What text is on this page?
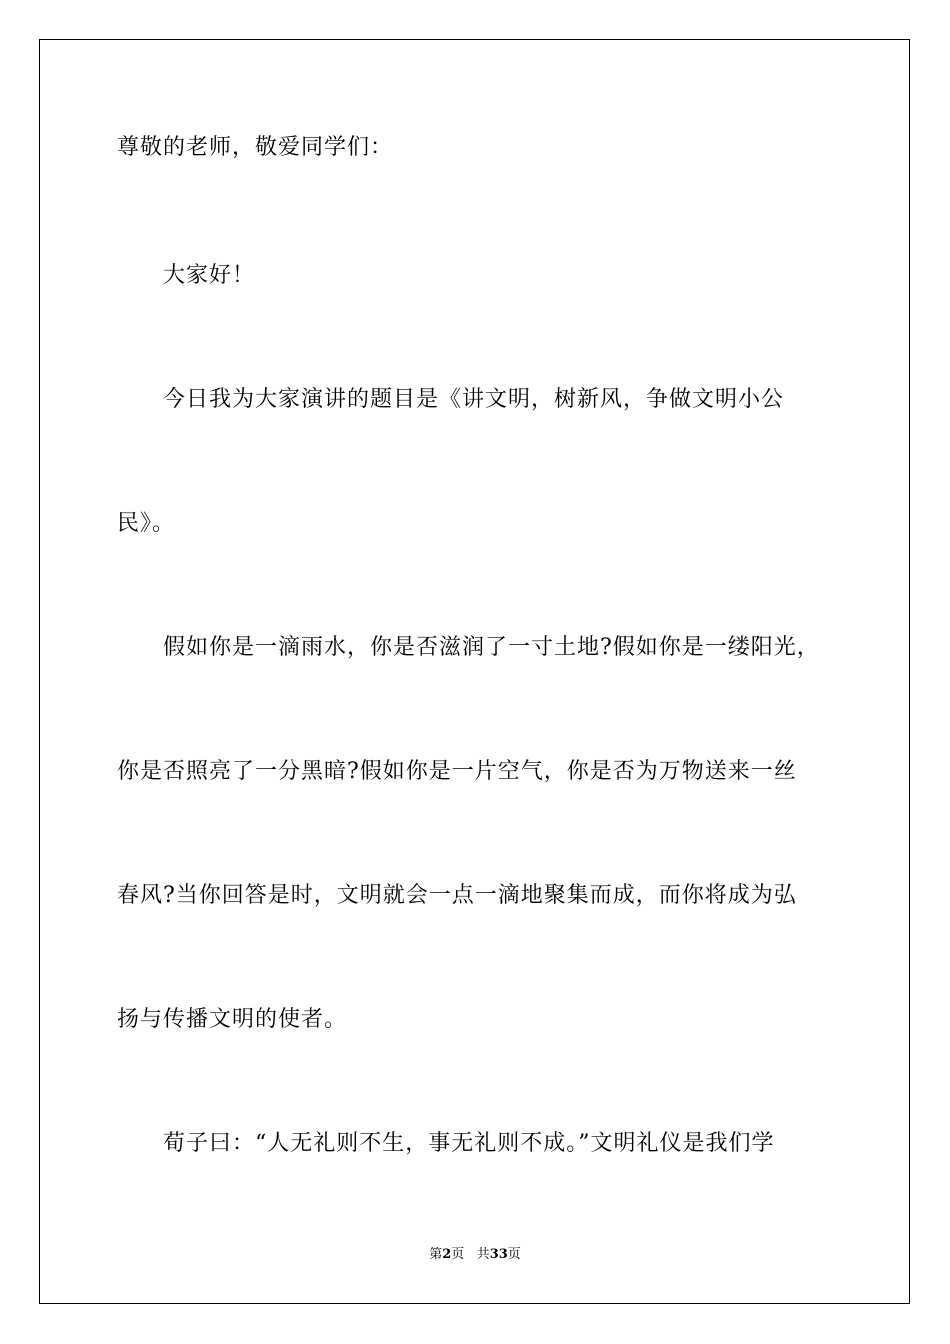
尊敬的老师，敬爱同学们：
大家好！
今日我为大家演讲的题目是《讲文明，树新风，争做文明小公
民》。
假如你是一滴雨水，你是否滋润了一寸土地?假如你是一缕阳光，
你是否照亮了一分黑暗?假如你是一片空气，你是否为万物送来一丝
春风?当你回答是时，文明就会一点一滴地聚集而成，而你将成为弘
扬与传播文明的使者。
荀子曰：“人无礼则不生，事无礼则不成。”文明礼仪是我们学
第2页 共33页
